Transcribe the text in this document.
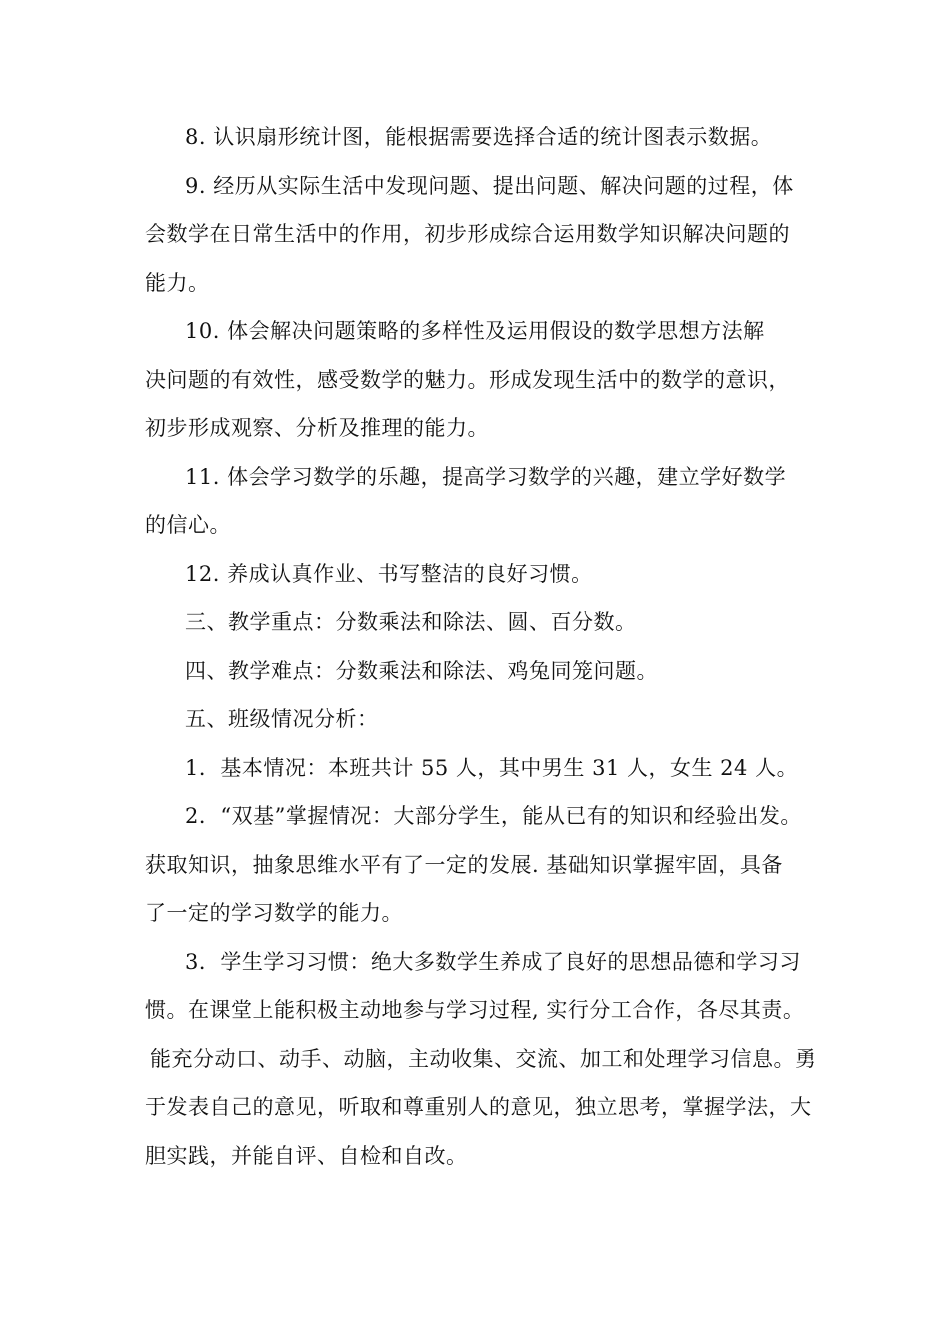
8. 认识扇形统计图，能根据需要选择合适的统计图表示数据。
9. 经历从实际生活中发现问题、提出问题、解决问题的过程，体
会数学在日常生活中的作用，初步形成综合运用数学知识解决问题的
能力。
10. 体会解决问题策略的多样性及运用假设的数学思想方法解
决问题的有效性，感受数学的魅力。形成发现生活中的数学的意识，
初步形成观察、分析及推理的能力。
11. 体会学习数学的乐趣，提高学习数学的兴趣，建立学好数学
的信心。
12. 养成认真作业、书写整洁的良好习惯。
三、教学重点：分数乘法和除法、圆、百分数。
四、教学难点：分数乘法和除法、鸡兔同笼问题。
五、班级情况分析：
1．基本情况：本班共计 55 人，其中男生 31 人，女生 24 人。
2．“双基”掌握情况：大部分学生，能从已有的知识和经验出发。
获取知识，抽象思维水平有了一定的发展. 基础知识掌握牢固，具备
了一定的学习数学的能力。
3．学生学习习惯：绝大多数学生养成了良好的思想品德和学习习
惯。在课堂上能积极主动地参与学习过程, 实行分工合作，各尽其责。
能充分动口、动手、动脑，主动收集、交流、加工和处理学习信息。勇
于发表自己的意见，听取和尊重别人的意见，独立思考，掌握学法，大
胆实践，并能自评、自检和自改。
